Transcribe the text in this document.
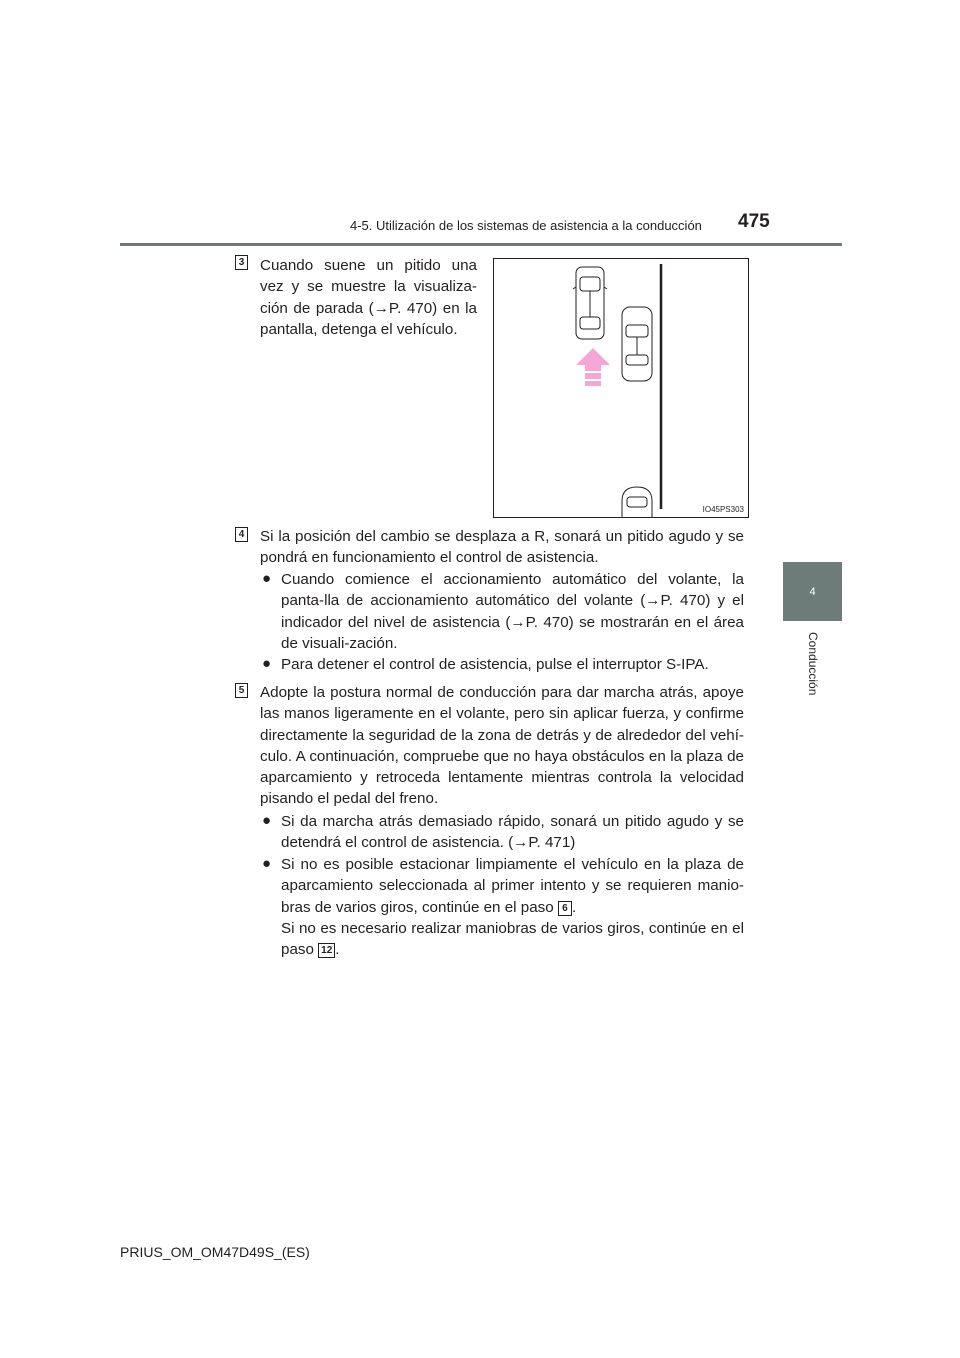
4-5. Utilización de los sistemas de asistencia a la conducción 475
4
Conducción
3 Cuando suene un pitido una vez y se muestre la visualiza-ción de parada (→P. 470) en la pantalla, detenga el vehículo.
IO45PS303
4 Si la posición del cambio se desplaza a R, sonará un pitido agudo y se pondrá en funcionamiento el control de asistencia.
● Cuando comience el accionamiento automático del volante, la panta-lla de accionamiento automático del volante (→P. 470) y el indicador del nivel de asistencia (→P. 470) se mostrarán en el área de visuali-zación.
● Para detener el control de asistencia, pulse el interruptor S-IPA.
5 Adopte la postura normal de conducción para dar marcha atrás, apoye las manos ligeramente en el volante, pero sin aplicar fuerza, y confirme directamente la seguridad de la zona de detrás y de alrededor del vehí-culo. A continuación, compruebe que no haya obstáculos en la plaza de aparcamiento y retroceda lentamente mientras controla la velocidad pisando el pedal del freno.
● Si da marcha atrás demasiado rápido, sonará un pitido agudo y se detendrá el control de asistencia. (→P. 471)
● Si no es posible estacionar limpiamente el vehículo en la plaza de aparcamiento seleccionada al primer intento y se requieren manio-bras de varios giros, continúe en el paso 6 .
Si no es necesario realizar maniobras de varios giros, continúe en el paso 12 .
PRIUS_OM_OM47D49S_(ES)
